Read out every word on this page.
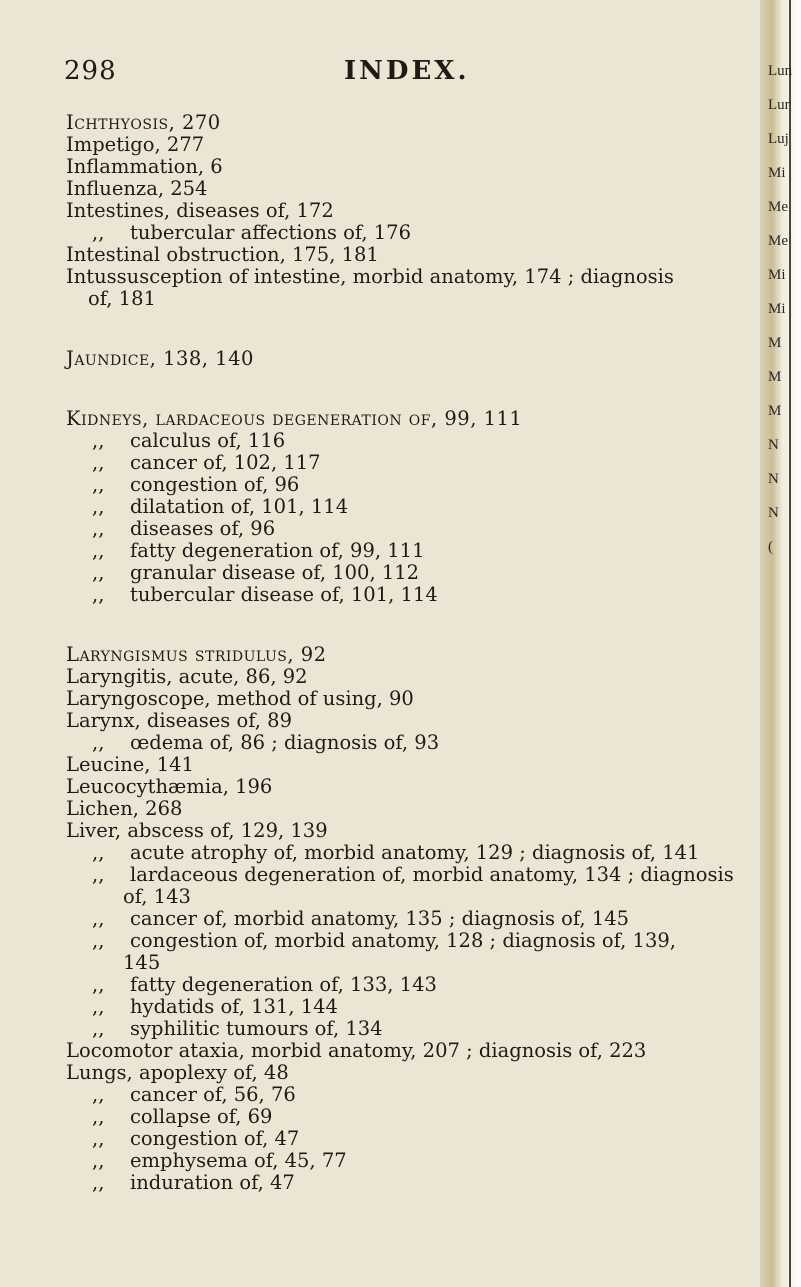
298	INDEX.
Ichthyosis, 270
Impetigo, 277
Inflammation, 6
Influenza, 254
Intestines, diseases of, 172
,, tubercular affections of, 176
Intestinal obstruction, 175, 181
Intussusception of intestine, morbid anatomy, 174 ; diagnosis
of, 181
Jaundice, 138, 140
Kidneys, lardaceous degeneration of, 99, 111
,, calculus of, 116
,, cancer of, 102, 117
,, congestion of, 96
,, dilatation of, 101, 114
,, diseases of, 96
,, fatty degeneration of, 99, 111
,, granular disease of, 100, 112
,, tubercular disease of, 101, 114
Laryngismus stridulus, 92
Laryngitis, acute, 86, 92
Laryngoscope, method of using, 90
Larynx, diseases of, 89
,, œdema of, 86 ; diagnosis of, 93
Leucine, 141
Leucocythæmia, 196
Lichen, 268
Liver, abscess of, 129, 139
,, acute atrophy of, morbid anatomy, 129 ; diagnosis of, 141
,, lardaceous degeneration of, morbid anatomy, 134 ; diagnosis
of, 143
,, cancer of, morbid anatomy, 135 ; diagnosis of, 145
,, congestion of, morbid anatomy, 128 ; diagnosis of, 139,
145
,, fatty degeneration of, 133, 143
,, hydatids of, 131, 144
,, syphilitic tumours of, 134
Locomotor ataxia, morbid anatomy, 207 ; diagnosis of, 223
Lungs, apoplexy of, 48
,, cancer of, 56, 76
,, collapse of, 69
,, congestion of, 47
,, emphysema of, 45, 77
,, induration of, 47
Lun
Lur
Luj
Mi
Me
Me
Mi
Mi
M
M
M
N
N
N
(
